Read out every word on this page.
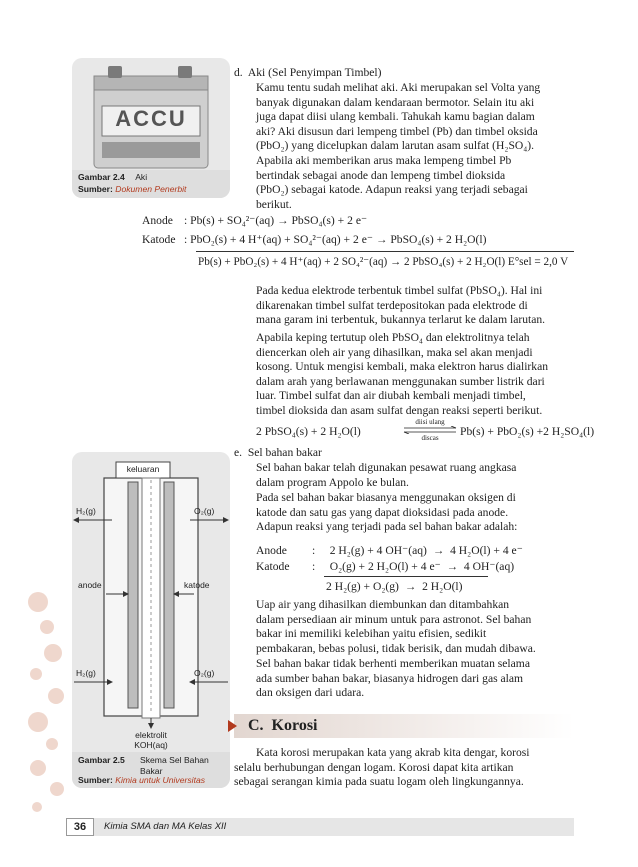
ACCU
Gambar 2.4 Aki
Sumber: Dokumen Penerbit
d.  Aki (Sel Penyimpan Timbel)
Kamu tentu sudah melihat aki. Aki merupakan sel Volta yang
banyak digunakan dalam kendaraan bermotor. Selain itu aki
juga dapat diisi ulang kembali. Tahukah kamu bagian dalam
aki? Aki disusun dari lempeng timbel (Pb) dan timbel oksida
(PbO₂) yang dicelupkan dalam larutan asam sulfat (H₂SO₄).
Apabila aki memberikan arus maka lempeng timbel Pb
bertindak sebagai anode dan lempeng timbel dioksida
(PbO₂) sebagai katode. Adapun reaksi yang terjadi sebagai
berikut.
Anode : Pb(s) + SO₄²⁻(aq) → PbSO₄(s) + 2 e⁻
Katode : PbO₂(s) + 4 H⁺(aq) + SO₄²⁻(aq) + 2 e⁻ → PbSO₄(s) + 2 H₂O(l)
Pb(s) + PbO₂(s) + 4 H⁺(aq) + 2 SO₄²⁻(aq) → 2 PbSO₄(s) + 2 H₂O(l) E°sel = 2,0 V
Pada kedua elektrode terbentuk timbel sulfat (PbSO₄). Hal ini
dikarenakan timbel sulfat terdepositokan pada elektrode di
mana garam ini terbentuk, bukannya terlarut ke dalam larutan.
Apabila keping tertutup oleh PbSO₄ dan elektrolitnya telah
diencerkan oleh air yang dihasilkan, maka sel akan menjadi
kosong. Untuk mengisi kembali, maka elektron harus dialirkan
dalam arah yang berlawanan menggunakan sumber listrik dari
luar. Timbel sulfat dan air diubah kembali menjadi timbel,
timbel dioksida dan asam sulfat dengan reaksi seperti berikut.
2 PbSO₄(s) + 2 H₂O(l)
diisi ulang
discas	Pb(s) + PbO₂(s) +2 H₂SO₄(l)
keluaran
H₂(g)	O₂(g)
anode	katode
H₂(g)	O₂(g)
elektrolit
KOH(aq)
Gambar 2.5 Skema Sel Bahan Bakar
Sumber: Kimia untuk Universitas
e.  Sel bahan bakar
Sel bahan bakar telah digunakan pesawat ruang angkasa
dalam program Appolo ke bulan.
Pada sel bahan bakar biasanya menggunakan oksigen di
katode dan satu gas yang dapat dioksidasi pada anode.
Adapun reaksi yang terjadi pada sel bahan bakar adalah:
Anode :     2 H₂(g) + 4 OH⁻(aq)  →  4 H₂O(l) + 4 e⁻
Katode :     O₂(g) + 2 H₂O(l) + 4 e⁻  →  4 OH⁻(aq)
2 H₂(g) + O₂(g)  →  2 H₂O(l)
Uap air yang dihasilkan diembunkan dan ditambahkan
dalam persediaan air minum untuk para astronot. Sel bahan
bakar ini memiliki kelebihan yaitu efisien, sedikit
pembakaran, bebas polusi, tidak berisik, dan mudah dibawa.
Sel bahan bakar tidak berhenti memberikan muatan selama
ada sumber bahan bakar, biasanya hidrogen dari gas alam
dan oksigen dari udara.
C.  Korosi
Kata korosi merupakan kata yang akrab kita dengar, korosi
selalu berhubungan dengan logam. Korosi dapat kita artikan
sebagai serangan kimia pada suatu logam oleh lingkungannya.
36	Kimia SMA dan MA Kelas XII
